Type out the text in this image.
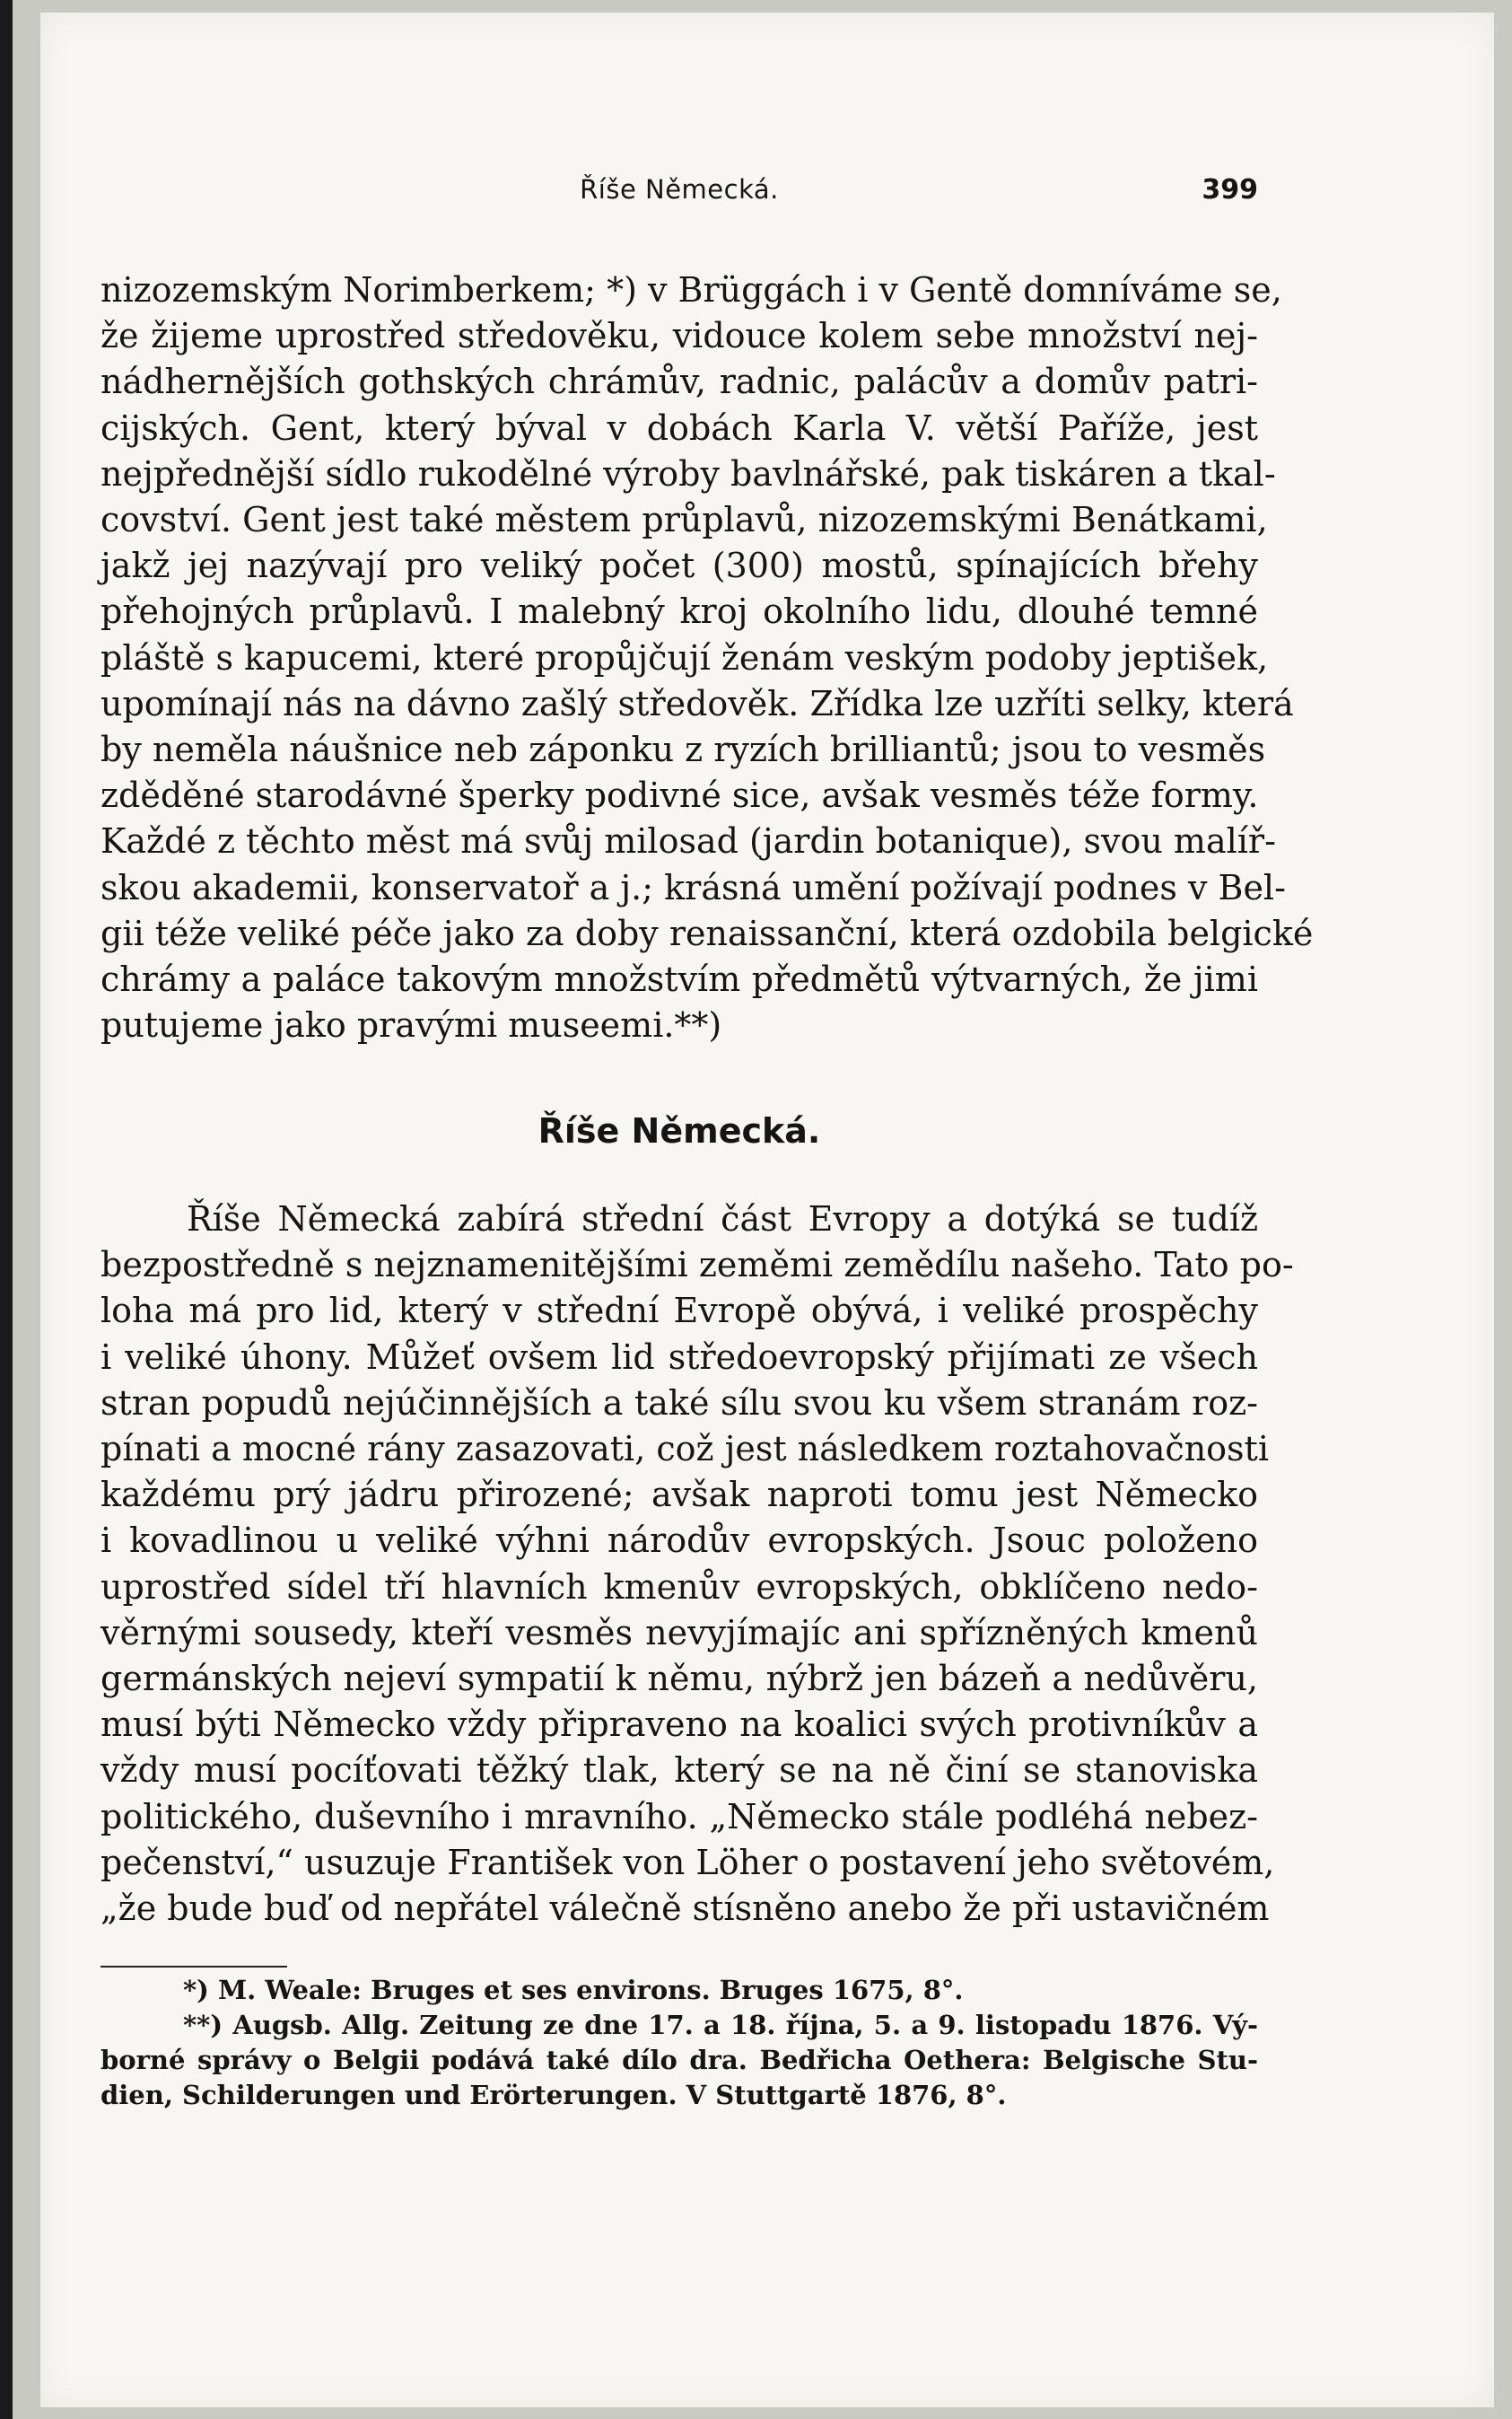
Říše Německá.	399
nizozemským Norimberkem; *) v Brüggách i v Gentě domníváme se,
že žijeme uprostřed středověku, vidouce kolem sebe množství nej-
nádhernějších gothských chrámův, radnic, palácův a domův patri-
cijských. Gent, který býval v dobách Karla V. větší Paříže, jest
nejpřednější sídlo rukodělné výroby bavlnářské, pak tiskáren a tkal-
covství. Gent jest také městem průplavů, nizozemskými Benátkami,
jakž jej nazývají pro veliký počet (300) mostů, spínajících břehy
přehojných průplavů. I malebný kroj okolního lidu, dlouhé temné
pláště s kapucemi, které propůjčují ženám veským podoby jeptišek,
upomínají nás na dávno zašlý středověk. Zřídka lze uzříti selky, která
by neměla náušnice neb záponku z ryzích brilliantů; jsou to vesměs
zděděné starodávné šperky podivné sice, avšak vesměs téže formy.
Každé z těchto měst má svůj milosad (jardin botanique), svou malíř-
skou akademii, konservatoř a j.; krásná umění požívají podnes v Bel-
gii téže veliké péče jako za doby renaissanční, která ozdobila belgické
chrámy a paláce takovým množstvím předmětů výtvarných, že jimi
putujeme jako pravými museemi.**)
Říše Německá.
Říše Německá zabírá střední část Evropy a dotýká se tudíž
bezpostředně s nejznamenitějšími zeměmi zeměd͏ílu našeho. Tato po-
loha má pro lid, který v střední Evropě obývá, i veliké prospěchy
i veliké úhony. Můžeť ovšem lid středoevropský přijímati ze všech
stran popudů nejúčinnějších a také sílu svou ku všem stranám roz-
pínati a mocné rány zasazovati, což jest následkem roztahovačnosti
každému prý jádru přirozené; avšak naproti tomu jest Německo
i kovadlinou u veliké výhni národův evropských. Jsouc položeno
uprostřed sídel tří hlavních kmenův evropských, obklíčeno nedo-
věrnými sousedy, kteří vesměs nevyjímajíc ani spřízněných kmenů
germánských nejeví sympatií k němu, nýbrž jen bázeň a nedůvěru,
musí býti Německo vždy připraveno na koalici svých protivníkův a
vždy musí pocíťovati těžký tlak, který se na ně činí se stanoviska
politického, duševního i mravního. „Německo stále podléhá nebez-
pečenství,“ usuzuje František von Löher o postavení jeho světovém,
„že bude buď od nepřátel válečně stísněno anebo že při ustavičném
*) M. Weale: Bruges et ses environs. Bruges 1675, 8°.
**) Augsb. Allg. Zeitung ze dne 17. a 18. října, 5. a 9. listopadu 1876. Vý-
borné správy o Belgii podává také dílo dra. Bedřicha Oethera: Belgische Stu-
dien, Schilderungen und Erörterungen. V Stuttgartě 1876, 8°.
